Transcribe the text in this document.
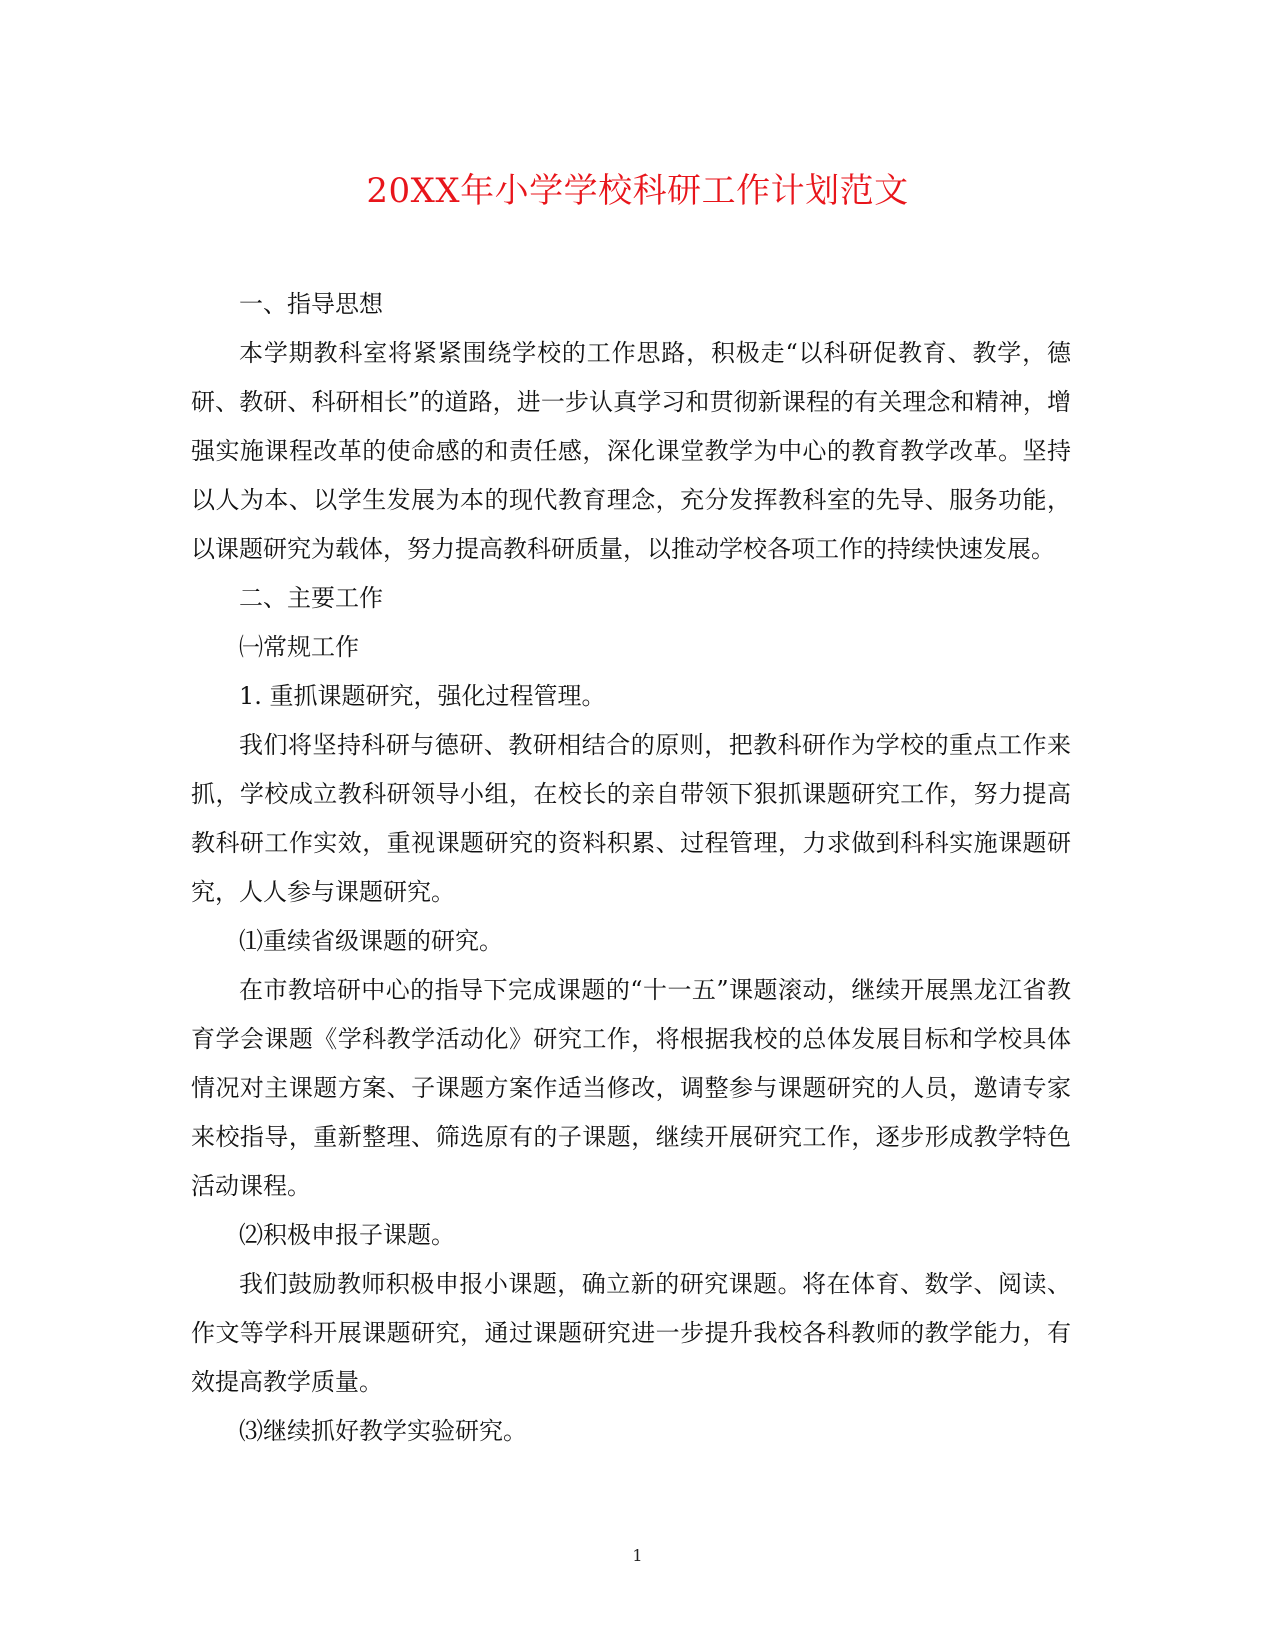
20XX年小学学校科研工作计划范文

一、指导思想

本学期教科室将紧紧围绕学校的工作思路，积极走“以科研促教育、教学，德研、教研、科研相长”的道路，进一步认真学习和贯彻新课程的有关理念和精神，增强实施课程改革的使命感的和责任感，深化课堂教学为中心的教育教学改革。坚持以人为本、以学生发展为本的现代教育理念，充分发挥教科室的先导、服务功能，以课题研究为载体，努力提高教科研质量，以推动学校各项工作的持续快速发展。

二、主要工作

㈠常规工作

1. 重抓课题研究，强化过程管理。

我们将坚持科研与德研、教研相结合的原则，把教科研作为学校的重点工作来抓，学校成立教科研领导小组，在校长的亲自带领下狠抓课题研究工作，努力提高教科研工作实效，重视课题研究的资料积累、过程管理，力求做到科科实施课题研究，人人参与课题研究。

⑴重续省级课题的研究。

在市教培研中心的指导下完成课题的“十一五”课题滚动，继续开展黑龙江省教育学会课题《学科教学活动化》研究工作，将根据我校的总体发展目标和学校具体情况对主课题方案、子课题方案作适当修改，调整参与课题研究的人员，邀请专家来校指导，重新整理、筛选原有的子课题，继续开展研究工作，逐步形成教学特色活动课程。

⑵积极申报子课题。

我们鼓励教师积极申报小课题，确立新的研究课题。将在体育、数学、阅读、作文等学科开展课题研究，通过课题研究进一步提升我校各科教师的教学能力，有效提高教学质量。

⑶继续抓好教学实验研究。

1
